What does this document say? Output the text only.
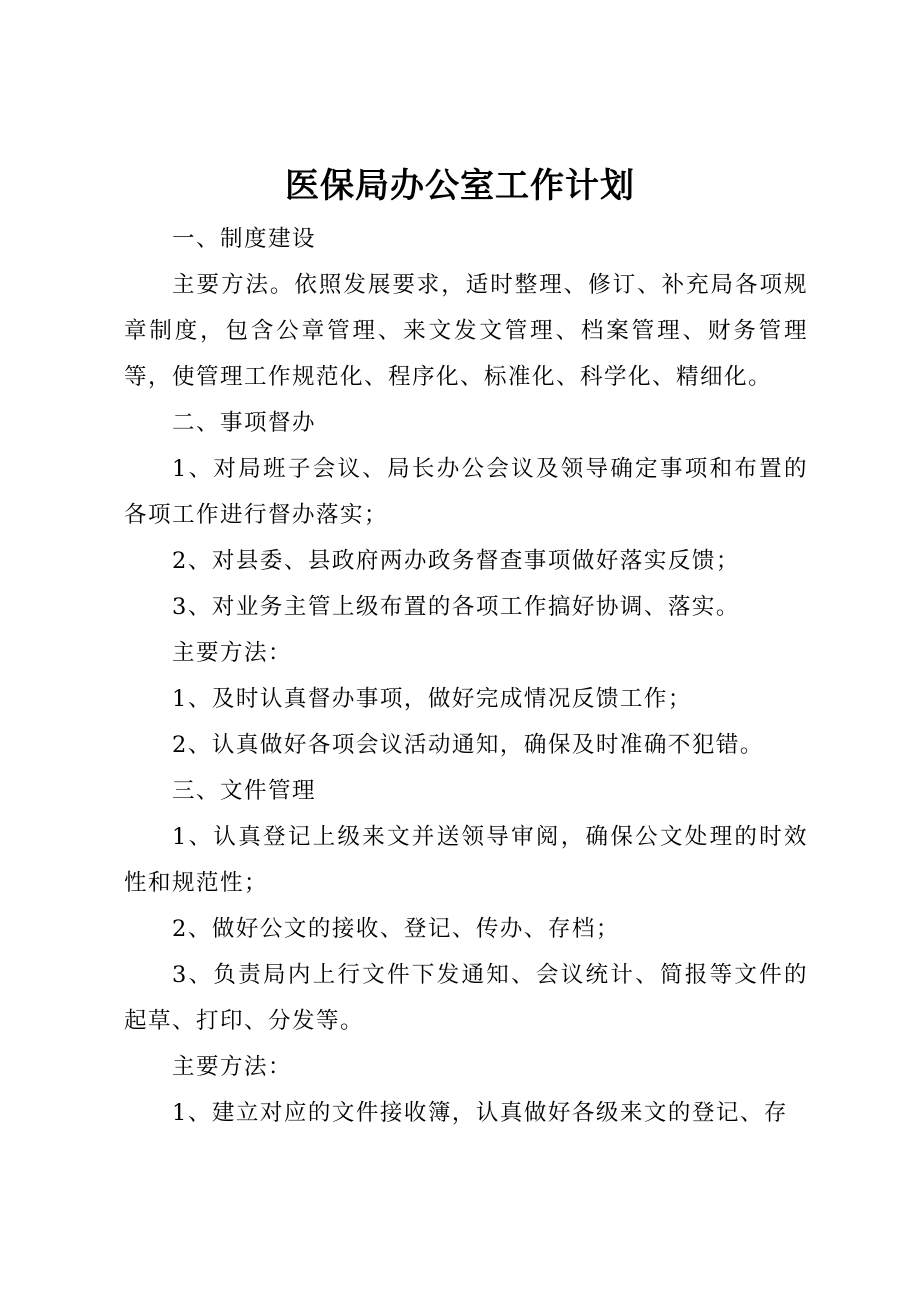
医保局办公室工作计划

一、制度建设

主要方法。依照发展要求，适时整理、修订、补充局各项规章制度，包含公章管理、来文发文管理、档案管理、财务管理等，使管理工作规范化、程序化、标准化、科学化、精细化。

二、事项督办

1、对局班子会议、局长办公会议及领导确定事项和布置的各项工作进行督办落实；

2、对县委、县政府两办政务督查事项做好落实反馈；

3、对业务主管上级布置的各项工作搞好协调、落实。

主要方法：

1、及时认真督办事项，做好完成情况反馈工作；

2、认真做好各项会议活动通知，确保及时准确不犯错。

三、文件管理

1、认真登记上级来文并送领导审阅，确保公文处理的时效性和规范性；

2、做好公文的接收、登记、传办、存档；

3、负责局内上行文件下发通知、会议统计、简报等文件的起草、打印、分发等。

主要方法：

1、建立对应的文件接收簿，认真做好各级来文的登记、存
